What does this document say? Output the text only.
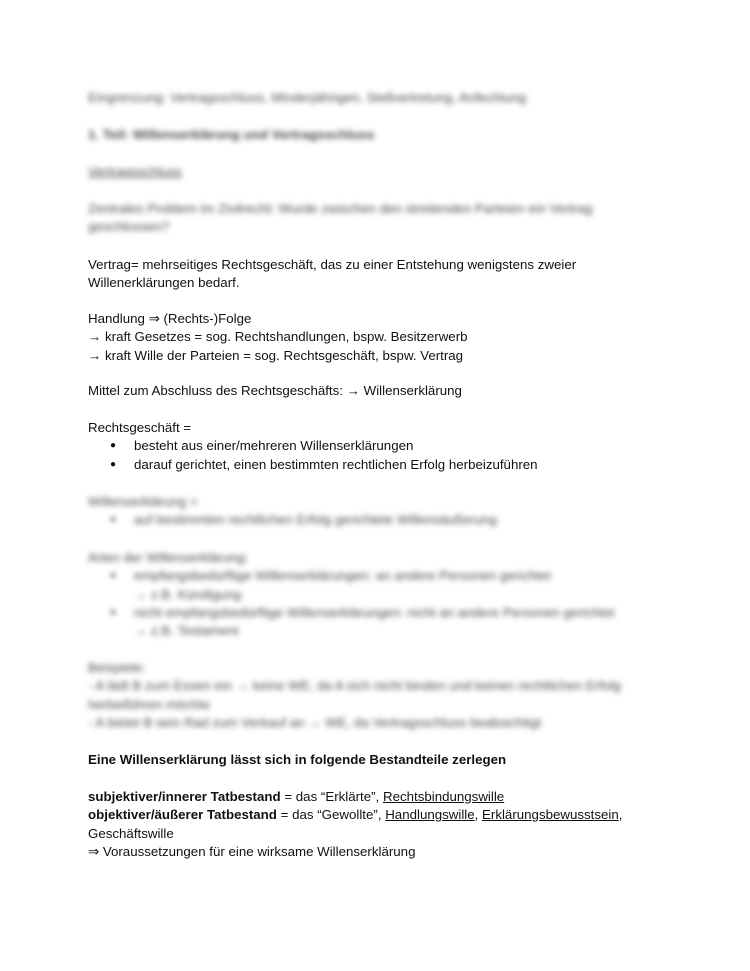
Eingrenzung: Vertragsschluss, Minderjährigen, Stellvertretung, Anfechtung
1. Teil: Willenserklärung und Vertragsschluss
Vertragsschluss
Zentrales Problem im Zivilrecht: Wurde zwischen den streitenden Parteien ein Vertrag geschlossen?
Vertrag= mehrseitiges Rechtsgeschäft, das zu einer Entstehung wenigstens zweier
Willenerklärungen bedarf.
Handlung ⇒ (Rechts-)Folge
→ kraft Gesetzes = sog. Rechtshandlungen, bspw. Besitzerwerb
→ kraft Wille der Parteien = sog. Rechtsgeschäft, bspw. Vertrag
Mittel zum Abschluss des Rechtsgeschäfts: → Willenserklärung
Rechtsgeschäft =
● besteht aus einer/mehreren Willenserklärungen
● darauf gerichtet, einen bestimmten rechtlichen Erfolg herbeizuführen
Willenserklärung =
● auf bestimmten rechtlichen Erfolg gerichtete Willensäußerung
Arten der Willenserklärung:
● empfangsbedürftige Willenserklärungen: an andere Personen gerichtet
→ z.B. Kündigung
● nicht empfangsbedürftige Willenserklärungen: nicht an andere Personen gerichtet
→ z.B. Testament
Beispiele:
- A lädt B zum Essen ein → keine WE, da A sich nicht binden und keinen rechtlichen Erfolg
herbeiführen möchte
- A bietet B sein Rad zum Verkauf an → WE, da Vertragsschluss beabsichtigt
Eine Willenserklärung lässt sich in folgende Bestandteile zerlegen
subjektiver/innerer Tatbestand = das “Erklärte”, Rechtsbindungswille
objektiver/äußerer Tatbestand = das “Gewollte”, Handlungswille, Erklärungsbewusstsein,
Geschäftswille
⇒ Voraussetzungen für eine wirksame Willenserklärung
